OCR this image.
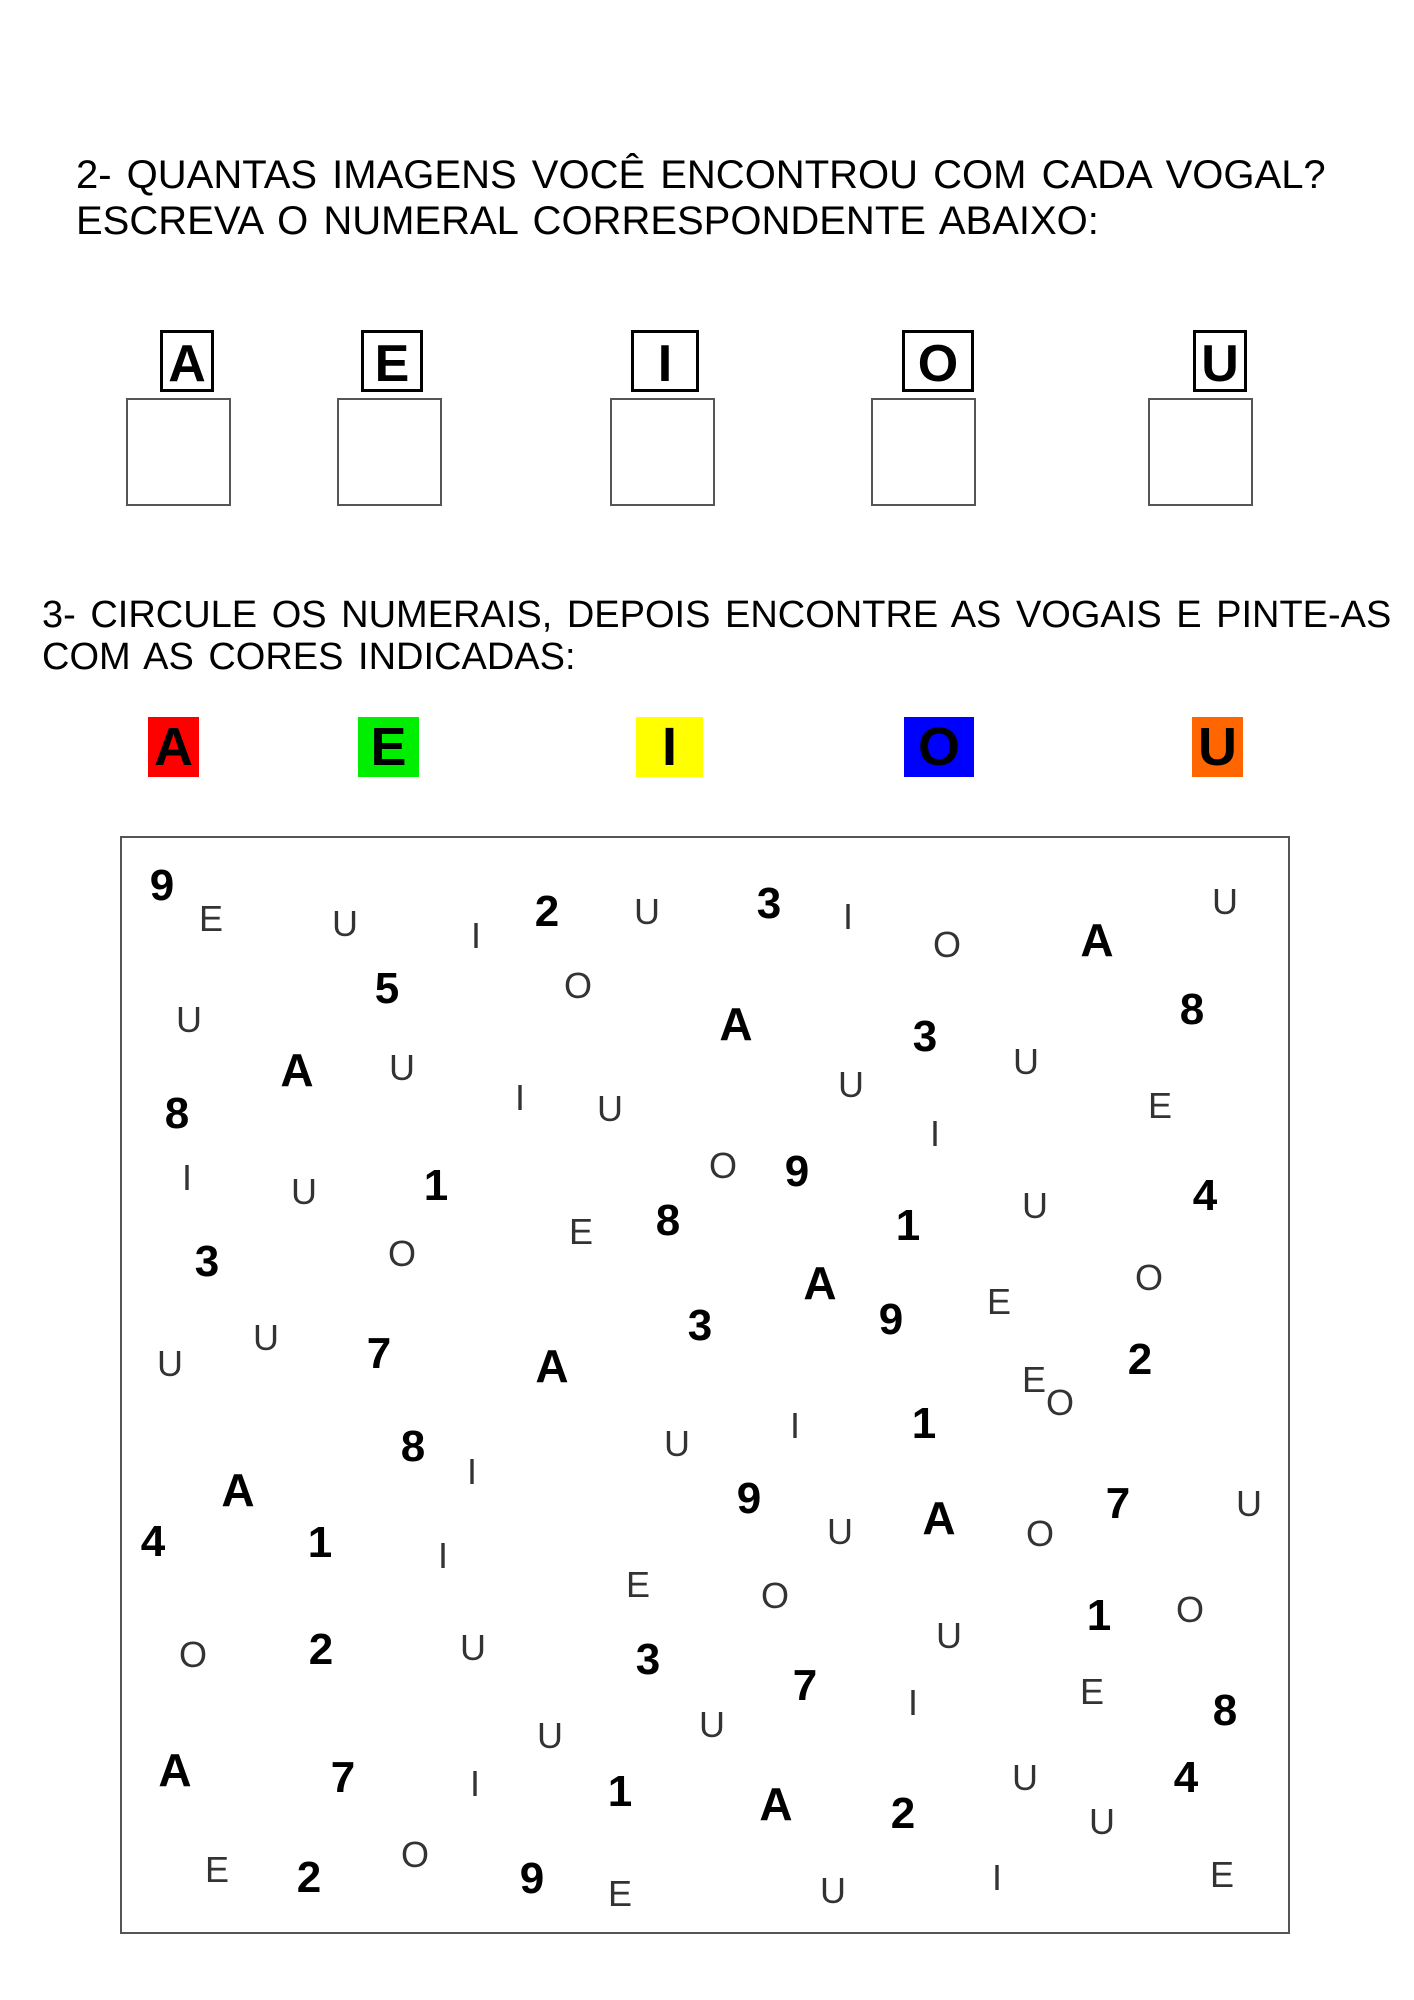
2- QUANTAS IMAGENS VOCÊ ENCONTROU COM CADA VOGAL?
ESCREVA O NUMERAL CORRESPONDENTE ABAIXO:
A	E	I	O	U
3- CIRCULE OS NUMERAIS, DEPOIS ENCONTRE AS VOGAIS E PINTE-AS
COM AS CORES INDICADAS:
A	E	I	O	U
9
E	U	I 2 U 3 I
O	A
U
5	O
U	A	3
8
A U	U
I U
8
U
E
I
O 9
I	U 1	4
E 8	1	U
3	O
A	O
E
9
E
U 7	A
3
2
U
O
I	1
U
8
I
A	9
U A O
7	U
4	1	I
E	O	1 O
O 2	U	3	U
U
7	I	E 8
U
A	7	I	1	A 2
U	4
U
E 2 O 9 E	U	I	E
